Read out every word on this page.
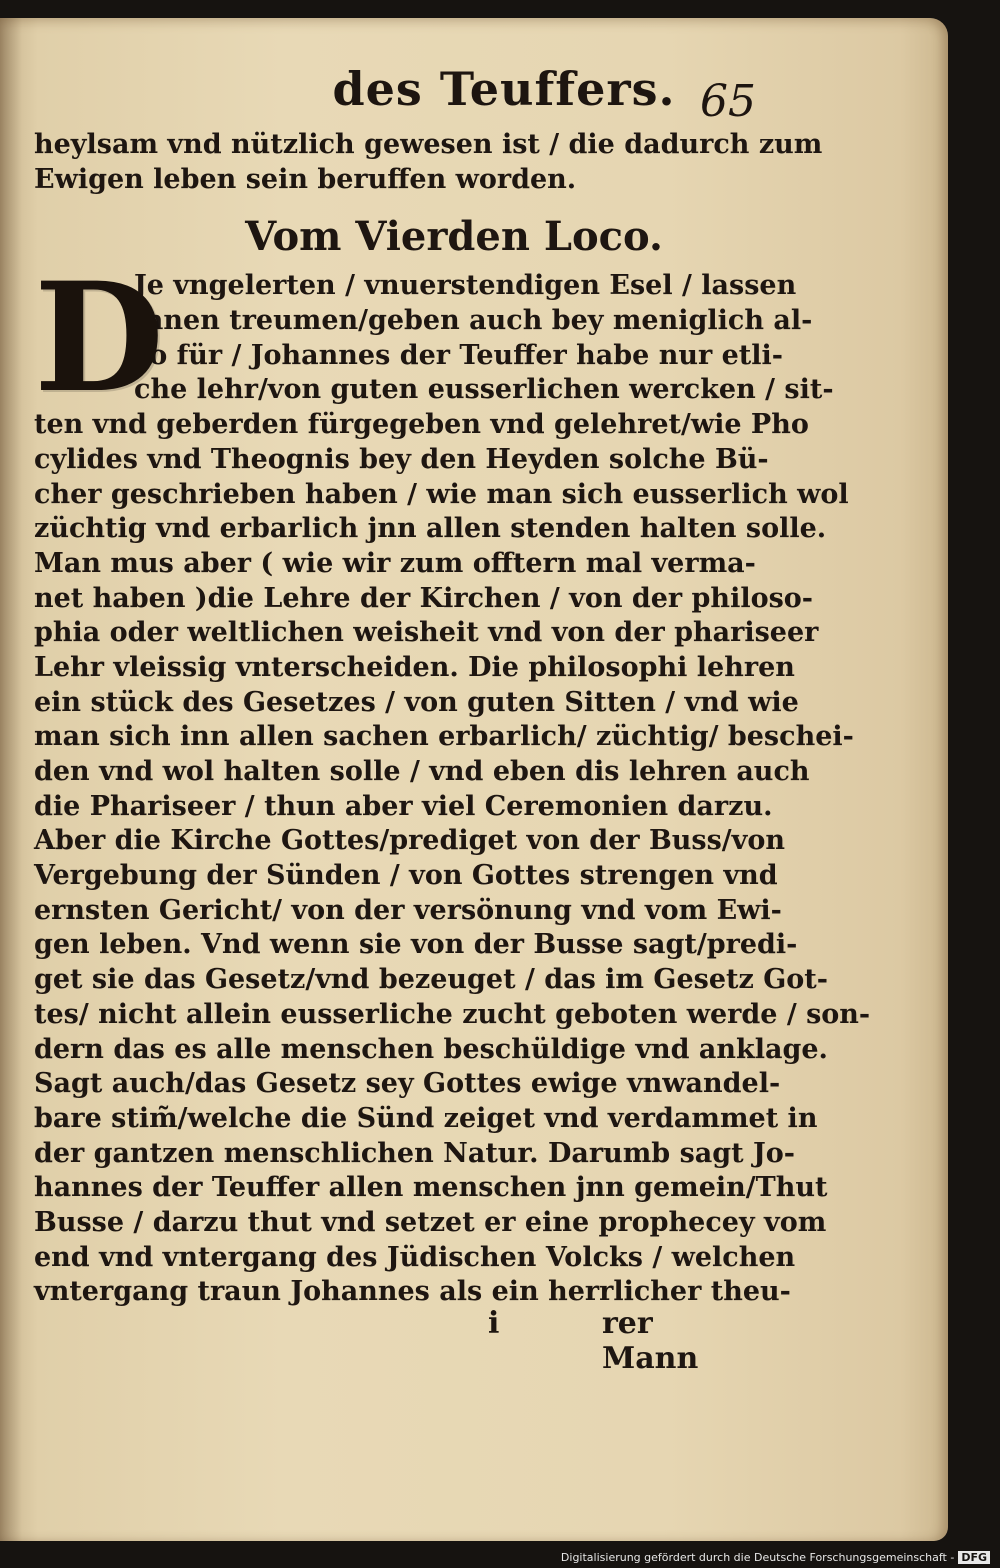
des Teuffers. 65
heylsam vnd nützlich gewesen ist / die dadurch zum
Ewigen leben sein beruffen worden.
Vom Vierden Loco.
D
Je vngelerten / vnuerstendigen Esel / lassen
jhnen treumen/geben auch bey meniglich al-
so für / Johannes der Teuffer habe nur etli-
che lehr/von guten eusserlichen wercken / sit-
ten vnd geberden fürgegeben vnd gelehret/wie Pho
cylides vnd Theognis bey den Heyden solche Bü-
cher geschrieben haben / wie man sich eusserlich wol
züchtig vnd erbarlich jnn allen stenden halten solle.
Man mus aber ( wie wir zum offtern mal vermа-
net haben )die Lehre der Kirchen / von der philoso-
phia oder weltlichen weisheit vnd von der phariseer
Lehr vleissig vnterscheiden. Die philosophi lehren
ein stück des Gesetzes / von guten Sitten / vnd wie
man sich inn allen sachen erbarlich/ züchtig/ beschei-
den vnd wol halten solle / vnd eben dis lehren auch
die Phariseer / thun aber viel Ceremonien darzu.
Aber die Kirche Gottes/prediget von der Buss/von
Vergebung der Sünden / von Gottes strengen vnd
ernsten Gericht/ von der versönung vnd vom Ewi-
gen leben. Vnd wenn sie von der Busse sagt/predi-
get sie das Gesetz/vnd bezeuget / das im Gesetz Got-
tes/ nicht allein eusserliche zucht geboten werde / son-
dern das es alle menschen beschüldige vnd anklage.
Sagt auch/das Gesetz sey Gottes ewige vnwandel-
bare stim̃/welche die Sünd zeiget vnd verdammet in
der gantzen menschlichen Natur. Darumb sagt Jo-
hannes der Teuffer allen menschen jnn gemein/Thut
Busse / darzu thut vnd setzet er eine prophecey vom
end vnd vntergang des Jüdischen Volcks / welchen
vntergang traun Johannes als ein herrlicher theu-
i	rer Mann
Digitalisierung gefördert durch die Deutsche Forschungsgemeinschaft - DFG
